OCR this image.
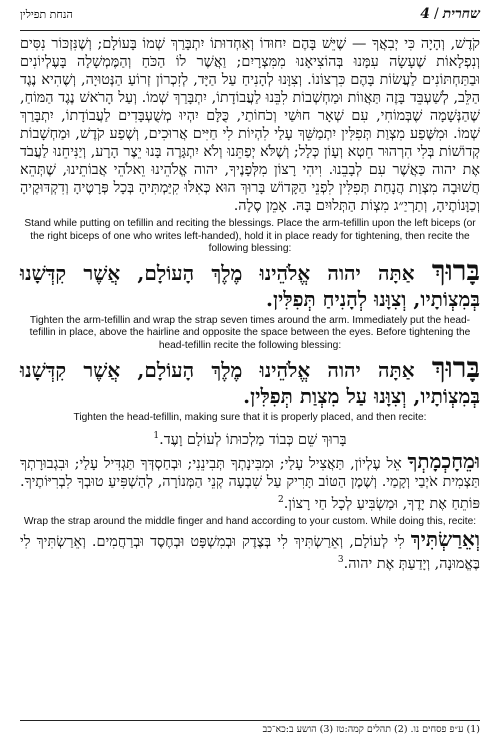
הנחת תפילין	4 / שחרית

קֹדֶשׁ, וְהָיָה כִּי יְבִאֲךָ — שֶׁיֵּשׁ בָּהֶם יִחוּדוֹ וְאַחְדוּתוֹ יִתְבָּרַךְ שְׁמוֹ בָּעוֹלָם; וְשֶׁנִּזְכּוֹר נִסִּים וְנִפְלָאוֹת שֶׁעָשָׂה עִמָּנוּ בְּהוֹצִיאָנוּ מִמִּצְרָיִם; וַאֲשֶׁר לוֹ הַכֹּחַ וְהַמֶּמְשָׁלָה בָּעֶלְיוֹנִים וּבַתַּחְתּוֹנִים לַעֲשׂוֹת בָּהֶם כִּרְצוֹנוֹ. וְצִוָּנוּ לְהָנִיחַ עַל הַיָּד, לְזִכְרוֹן זְרוֹעַ הַנְּטוּיָה, וְשֶׁהִיא נֶגֶד הַלֵּב, לְשַׁעְבֵּד בָּזֶה תַּאֲווֹת וּמַחְשְׁבוֹת לִבֵּנוּ לַעֲבוֹדָתוֹ, יִתְבָּרַךְ שְׁמוֹ. וְעַל הָרֹאשׁ נֶגֶד הַמּוֹחַ, שֶׁהַנְּשָׁמָה שֶׁבְּמוֹחִי, עִם שְׁאָר חוּשַׁי וְכֹחוֹתַי, כֻּלָּם יִהְיוּ מְשֻׁעְבָּדִים לַעֲבוֹדָתוֹ, יִתְבָּרַךְ שְׁמוֹ. וּמִשֶּׁפַע מִצְוַת תְּפִלִּין יִתְמַשֵּׁךְ עָלַי לִהְיוֹת לִי חַיִּים אֲרוּכִים, וְשֶׁפַע קֹדֶשׁ, וּמַחְשָׁבוֹת קְדוֹשׁוֹת בְּלִי הִרְהוּר חֵטְא וְעָוֹן כְּלָל; וְשֶׁלֹּא יְפַתֵּנוּ וְלֹא יִתְגָּרֶה בָּנוּ יֵצֶר הָרָע, וְיַנִּיחֵנוּ לַעֲבֹד אֶת יהוה כַּאֲשֶׁר עִם לְבָבֵנוּ. וִיהִי רָצוֹן מִלְּפָנֶיךָ, יהוה אֱלֹהֵינוּ וֵאלֹהֵי אֲבוֹתֵינוּ, שֶׁתְּהֵא חֲשׁוּבָה מִצְוַת הֲנָחַת תְּפִלִּין לִפְנֵי הַקָּדוֹשׁ בָּרוּךְ הוּא כְּאִלּוּ קִיַּמְתִּיהָ בְּכָל פְּרָטֶיהָ וְדִקְדּוּקֶיהָ וְכַוָּנוֹתֶיהָ, וְתַרְיַ״ג מִצְוֹת הַתְּלוּיִם בָּהּ. אָמֵן סֶלָה.

Stand while putting on tefillin and reciting the blessings. Place the arm-tefillin upon the left biceps (or the right biceps of one who writes left-handed), hold it in place ready for tightening, then recite the following blessing:

בָּרוּךְ אַתָּה יהוה אֱלֹהֵינוּ מֶלֶךְ הָעוֹלָם, אֲשֶׁר קִדְּשָׁנוּ בְּמִצְוֹתָיו, וְצִוָּנוּ לְהָנִיחַ תְּפִלִּין.

Tighten the arm-tefillin and wrap the strap seven times around the arm. Immediately put the head-tefillin in place, above the hairline and opposite the space between the eyes. Before tightening the head-tefillin recite the following blessing:

בָּרוּךְ אַתָּה יהוה אֱלֹהֵינוּ מֶלֶךְ הָעוֹלָם, אֲשֶׁר קִדְּשָׁנוּ בְּמִצְוֹתָיו, וְצִוָּנוּ עַל מִצְוַת תְּפִלִּין.

Tighten the head-tefillin, making sure that it is properly placed, and then recite:

בָּרוּךְ שֵׁם כְּבוֹד מַלְכוּתוֹ לְעוֹלָם וָעֶד.$^1$

וּמֵחָכְמָתְךָ אֵל עֶלְיוֹן, תַּאֲצִיל עָלַי; וּמִבִּינָתְךָ תְּבִינֵנִי; וּבְחַסְדְּךָ תַּגְדִּיל עָלַי; וּבִגְבוּרָתְךָ תַּצְמִית אֹיְבַי וְקָמַי. וְשֶׁמֶן הַטּוֹב תָּרִיק עַל שִׁבְעָה קְנֵי הַמְּנוֹרָה, לְהַשְׁפִּיעַ טוּבְךָ לִבְרִיּוֹתֶיךָ. פּוֹתֵחַ אֶת יָדֶךָ, וּמַשְׂבִּיעַ לְכָל חַי רָצוֹן.$^2$

Wrap the strap around the middle finger and hand according to your custom. While doing this, recite:

וְאֵרַשְׂתִּיךְ לִי לְעוֹלָם, וְאֵרַשְׂתִּיךְ לִי בְּצֶדֶק וּבְמִשְׁפָּט וּבְחֶסֶד וּבְרַחֲמִים. וְאֵרַשְׂתִּיךְ לִי בֶּאֱמוּנָה, וְיָדַעַתְּ אֶת יהוה.$^3$

(1) ע״פ פסחים נו. (2) תהלים קמה:טז (3) הושע ב:כא־כב
